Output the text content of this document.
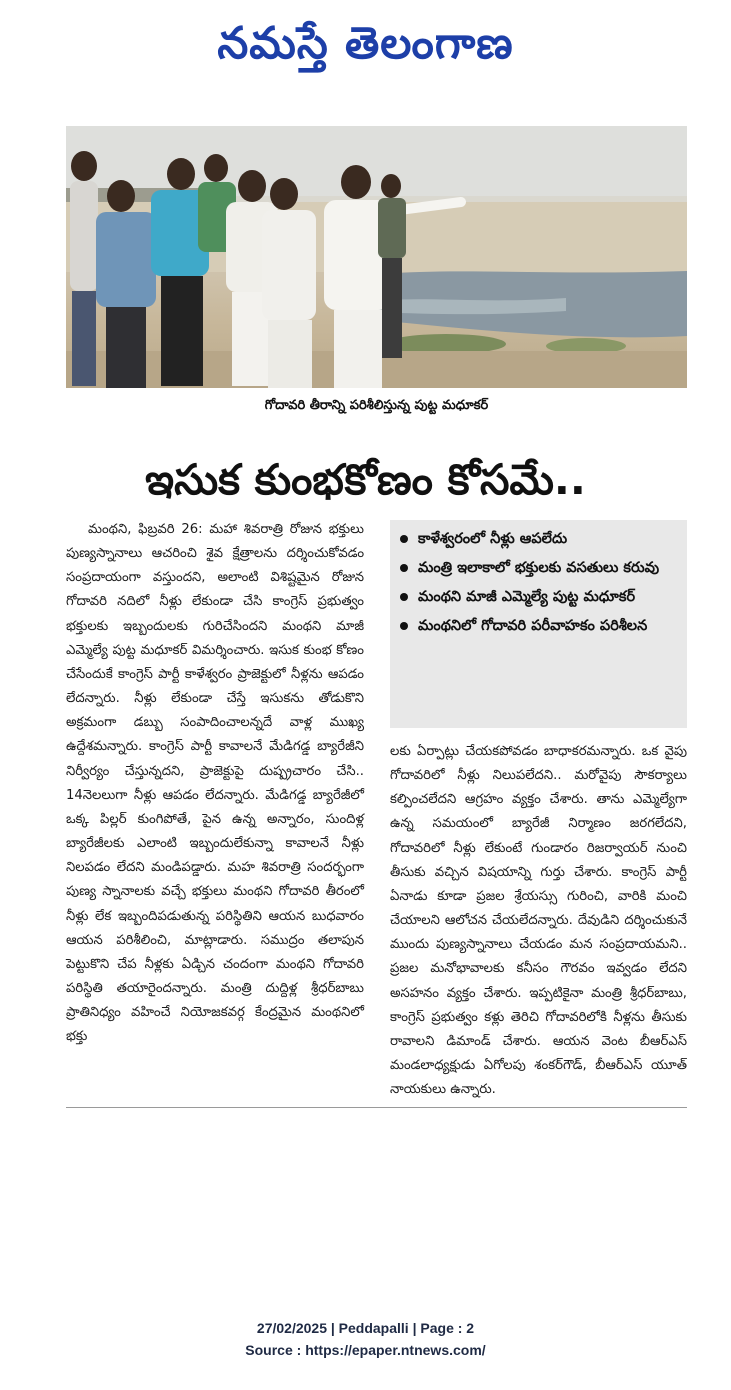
నమస్తే తెలంగాణ
గోదావరి తీరాన్ని పరిశీలిస్తున్న పుట్ట మధూకర్
ఇసుక కుంభకోణం కోసమే..
కాళేశ్వరంలో నీళ్లు ఆపలేదు
మంత్రి ఇలాకాలో భక్తులకు వసతులు కరువు
మంథని మాజీ ఎమ్మెల్యే పుట్ట మధూకర్
మంథనిలో గోదావరి పరీవాహకం పరిశీలన

మంథని, ఫిబ్రవరి 26: మహా శివరాత్రి రోజున భక్తులు పుణ్యస్నానాలు ఆచరించి శైవ క్షేత్రాలను దర్శించుకోవడం సంప్రదాయంగా వస్తుందని, అలాంటి విశిష్టమైన రోజున గోదావరి నదిలో నీళ్లు లేకుండా చేసి కాంగ్రెస్ ప్రభుత్వం భక్తులకు ఇబ్బందులకు గురిచేసిందని మంథని మాజీ ఎమ్మెల్యే పుట్ట మధూకర్ విమర్శించారు. ఇసుక కుంభ కోణం చేసేందుకే కాంగ్రెస్ పార్టీ కాళేశ్వరం ప్రాజెక్టులో నీళ్లను ఆపడం లేదన్నారు. నీళ్లు లేకుండా చేస్తే ఇసుకను తోడుకొని అక్రమంగా డబ్బు సంపాదించాలన్నదే వాళ్ల ముఖ్య ఉద్దేశమన్నారు. కాంగ్రెస్ పార్టీ కావాలనే మేడిగడ్డ బ్యారేజీని నిర్వీర్యం చేస్తున్నదని, ప్రాజెక్టుపై దుష్ప్రచారం చేసి.. 14నెలలుగా నీళ్లు ఆపడం లేదన్నారు. మేడిగడ్డ బ్యారేజీలో ఒక్క పిల్లర్ కుంగిపోతే, పైన ఉన్న అన్నారం, సుందిళ్ల బ్యారేజీలకు ఎలాంటి ఇబ్బందులేకున్నా కావాలనే నీళ్లు నిలపడం లేదని మండిపడ్డారు. మహ శివరాత్రి సందర్భంగా పుణ్య స్నానాలకు వచ్చే భక్తులు మంథని గోదావరి తీరంలో నీళ్లు లేక ఇబ్బందిపడుతున్న పరిస్థితిని ఆయన బుధవారం ఆయన పరిశీలించి, మాట్లాడారు. సముద్రం తలాపున పెట్టుకొని చేప నీళ్లకు ఏడ్చిన చందంగా మంథని గోదావరి పరిస్థితి తయారైందన్నారు. మంత్రి దుద్దిళ్ల శ్రీధర్‌బాబు ప్రాతినిధ్యం వహించే నియోజకవర్గ కేంద్రమైన మంథనిలో భక్తు

లకు ఏర్పాట్లు చేయకపోవడం బాధాకరమన్నారు. ఒక వైపు గోదావరిలో నీళ్లు నిలుపలేదని.. మరోవైపు సౌకర్యాలు కల్పించలేదని ఆగ్రహం వ్యక్తం చేశారు. తాను ఎమ్మెల్యేగా ఉన్న సమయంలో బ్యారేజీ నిర్మాణం జరగలేదని, గోదావరిలో నీళ్లు లేకుంటే గుండారం రిజర్వాయర్ నుంచి తీసుకు వచ్చిన విషయాన్ని గుర్తు చేశారు. కాంగ్రెస్ పార్టీ ఏనాడు కూడా ప్రజల శ్రేయస్సు గురించి, వారికి మంచి చేయాలని ఆలోచన చేయలేదన్నారు. దేవుడిని దర్శించుకునే ముందు పుణ్యస్నానాలు చేయడం మన సంప్రదాయమని.. ప్రజల మనోభావాలకు కనీసం గౌరవం ఇవ్వడం లేదని అసహనం వ్యక్తం చేశారు. ఇప్పటికైనా మంత్రి శ్రీధర్‌బాబు, కాంగ్రెస్ ప్రభుత్వం కళ్లు తెరిచి గోదావరిలోకి నీళ్లను తీసుకు రావాలని డిమాండ్ చేశారు. ఆయన వెంట బీఆర్‌ఎస్ మండలాధ్యక్షుడు ఏగోలపు శంకర్‌గౌడ్, బీఆర్‌ఎస్ యూత్ నాయకులు ఉన్నారు.

27/02/2025 | Peddapalli | Page : 2
Source : https://epaper.ntnews.com/
